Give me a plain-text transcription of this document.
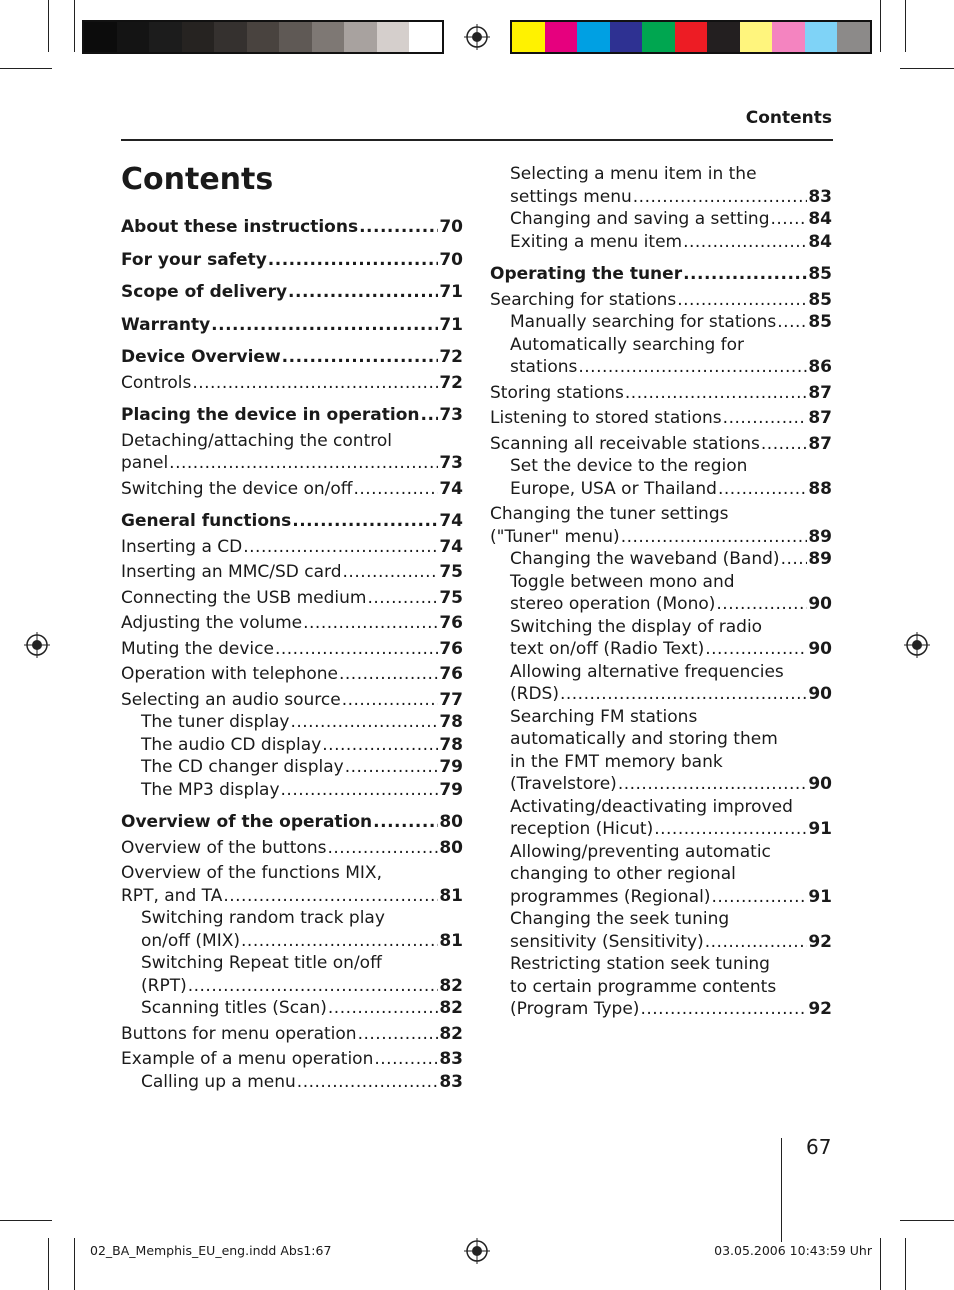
Contents
Contents
About these instructions .....	70
For your safety .....	70
Scope of delivery .....	71
Warranty .....	71
Device Overview .....	72
Controls .....	72
Placing the device in operation ..... 73
Detaching/attaching the control
panel .....	73
Switching the device on/off .....	74
General functions .....	74
Inserting a CD .....	74
Inserting an MMC/SD card .....	75
Connecting the USB medium .....	75
Adjusting the volume .....	76
Muting the device .....	76
Operation with telephone .....	76
Selecting an audio source .....	77
The tuner display .....	78
The audio CD display .....	78
The CD changer display .....	79
The MP3 display .....	79
Overview of the operation .....	80
Overview of the buttons .....	80
Overview of the functions MIX,
RPT, and TA .....	81
Switching random track play
on/off (MIX) .....	81
Switching Repeat title on/off
(RPT) .....	82
Scanning titles (Scan) .....	82
Buttons for menu operation .....	82
Example of a menu operation .....	83
Calling up a menu .....	83
Selecting a menu item in the
settings menu .....	83
Changing and saving a setting ..... 84
Exiting a menu item .....	84
Operating the tuner .....	85
Searching for stations .....	85
Manually searching for stations ..... 85
Automatically searching for
stations .....	86
Storing stations .....	87
Listening to stored stations .....	87
Scanning all receivable stations .....	87
Set the device to the region
Europe, USA or Thailand .....	88
Changing the tuner settings
("Tuner" menu) .....	89
Changing the waveband (Band) ..... 89
Toggle between mono and
stereo operation (Mono) .....	90
Switching the display of radio
text on/off (Radio Text) .....	90
Allowing alternative frequencies
(RDS) .....	90
Searching FM stations
automatically and storing them
in the FMT memory bank
(Travelstore) .....	90
Activating/deactivating improved
reception (Hicut) .....	91
Allowing/preventing automatic
changing to other regional
programmes (Regional) .....	91
Changing the seek tuning
sensitivity (Sensitivity) .....	92
Restricting station seek tuning
to certain programme contents
(Program Type) .....	92
67
02_BA_Memphis_EU_eng.indd Abs1:67	03.05.2006 10:43:59 Uhr
